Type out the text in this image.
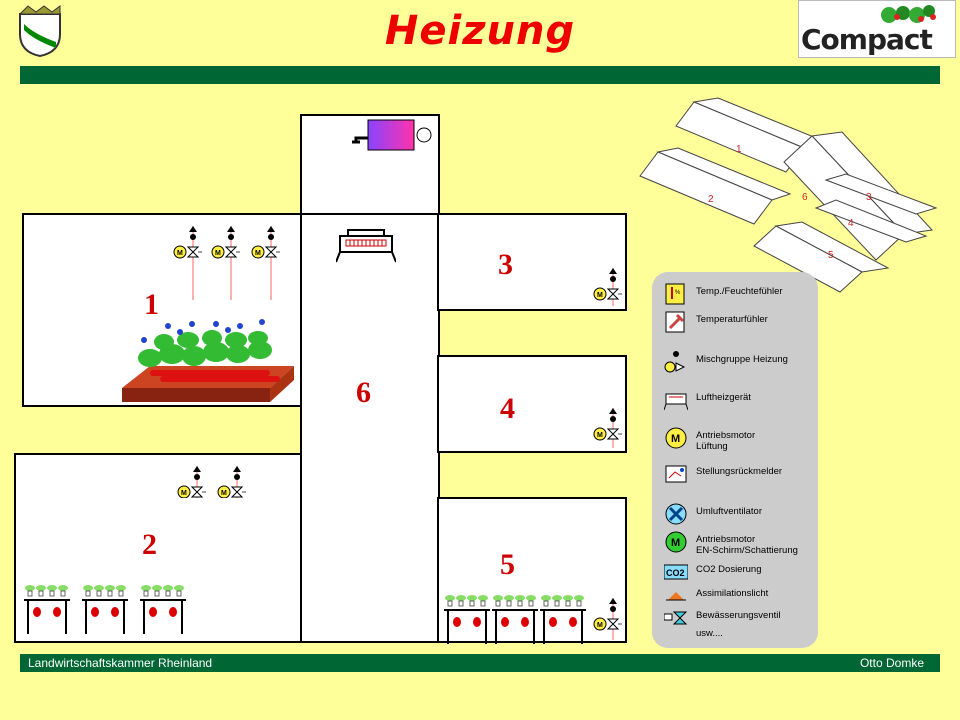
Heizung	Compact
1
2
3
4
5
6
M	M	M
M	M
M
M
M
1
2	3
4
5
6
% Temp./Feuchtefühler
Temperaturfühler
Mischgruppe Heizung
Luftheizgerät
M Antriebsmotor
Lüftung
Stellungsrückmelder
Umluftventilator
M Antriebsmotor
EN-Schirm/Schattierung
CO2 CO2 Dosierung
Assimilationslicht
Bewässerungsventil
usw....
Landwirtschaftskammer Rheinland	Otto Domke
